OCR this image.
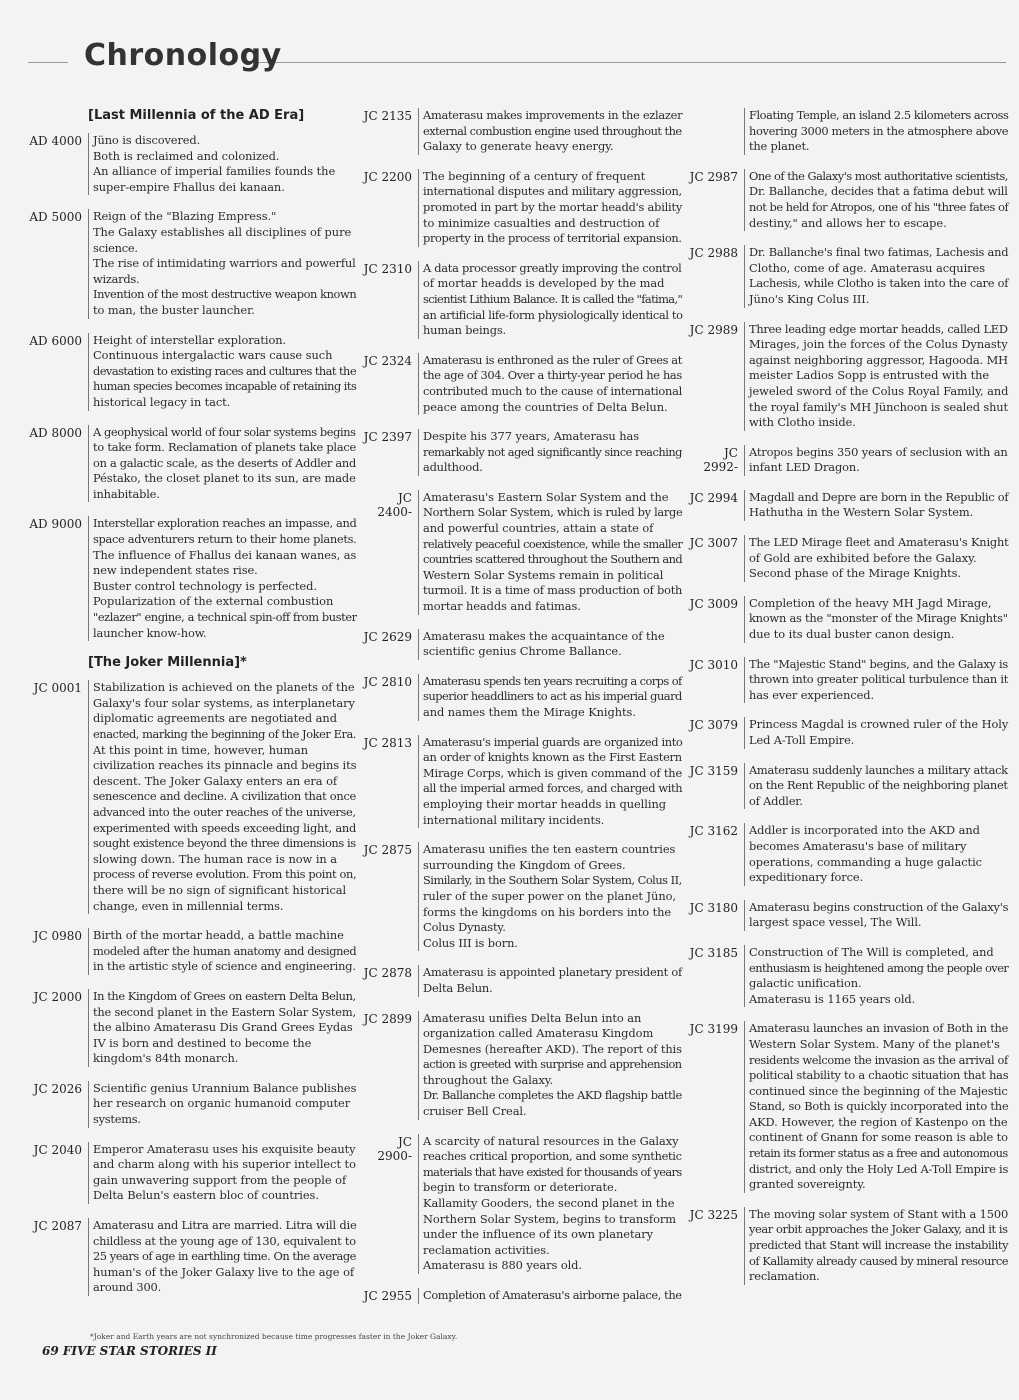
Chronology
[Last Millennia of the AD Era]
AD 4000 Jüno is discovered.
Both is reclaimed and colonized.
An alliance of imperial families founds the
super-empire Fhallus dei kanaan.
AD 5000 Reign of the "Blazing Empress."
The Galaxy establishes all disciplines of pure
science.
The rise of intimidating warriors and powerful
wizards.
Invention of the most destructive weapon known
to man, the buster launcher.
AD 6000 Height of interstellar exploration.
Continuous intergalactic wars cause such
devastation to existing races and cultures that the
human species becomes incapable of retaining its
historical legacy in tact.
AD 8000 A geophysical world of four solar systems begins
to take form. Reclamation of planets take place
on a galactic scale, as the deserts of Addler and
Péstako, the closet planet to its sun, are made
inhabitable.
AD 9000 Interstellar exploration reaches an impasse, and
space adventurers return to their home planets.
The influence of Fhallus dei kanaan wanes, as
new independent states rise.
Buster control technology is perfected.
Popularization of the external combustion
"ezlazer" engine, a technical spin-off from buster
launcher know-how.
[The Joker Millennia]*
JC 0001 Stabilization is achieved on the planets of the
Galaxy's four solar systems, as interplanetary
diplomatic agreements are negotiated and
enacted, marking the beginning of the Joker Era.
At this point in time, however, human
civilization reaches its pinnacle and begins its
descent. The Joker Galaxy enters an era of
senescence and decline. A civilization that once
advanced into the outer reaches of the universe,
experimented with speeds exceeding light, and
sought existence beyond the three dimensions is
slowing down. The human race is now in a
process of reverse evolution. From this point on,
there will be no sign of significant historical
change, even in millennial terms.
JC 0980 Birth of the mortar headd, a battle machine
modeled after the human anatomy and designed
in the artistic style of science and engineering.
JC 2000 In the Kingdom of Grees on eastern Delta Belun,
the second planet in the Eastern Solar System,
the albino Amaterasu Dis Grand Grees Eydas
IV is born and destined to become the
kingdom's 84th monarch.
JC 2026 Scientific genius Urannium Balance publishes
her research on organic humanoid computer
systems.
JC 2040 Emperor Amaterasu uses his exquisite beauty
and charm along with his superior intellect to
gain unwavering support from the people of
Delta Belun's eastern bloc of countries.
JC 2087 Amaterasu and Litra are married. Litra will die
childless at the young age of 130, equivalent to
25 years of age in earthling time. On the average
human's of the Joker Galaxy live to the age of
around 300.
JC 2135 Amaterasu makes improvements in the ezlazer
external combustion engine used throughout the
Galaxy to generate heavy energy.
JC 2200 The beginning of a century of frequent
international disputes and military aggression,
promoted in part by the mortar headd's ability
to minimize casualties and destruction of
property in the process of territorial expansion.
JC 2310 A data processor greatly improving the control
of mortar headds is developed by the mad
scientist Lithium Balance. It is called the "fatima,"
an artificial life-form physiologically identical to
human beings.
JC 2324 Amaterasu is enthroned as the ruler of Grees at
the age of 304. Over a thirty-year period he has
contributed much to the cause of international
peace among the countries of Delta Belun.
JC 2397 Despite his 377 years, Amaterasu has
remarkably not aged significantly since reaching
adulthood.
JC 2400-
Amaterasu's Eastern Solar System and the
Northern Solar System, which is ruled by large
and powerful countries, attain a state of
relatively peaceful coexistence, while the smaller
countries scattered throughout the Southern and
Western Solar Systems remain in political
turmoil. It is a time of mass production of both
mortar headds and fatimas.
JC 2629 Amaterasu makes the acquaintance of the
scientific genius Chrome Ballance.
JC 2810 Amaterasu spends ten years recruiting a corps of
superior headdliners to act as his imperial guard
and names them the Mirage Knights.
JC 2813 Amaterasu's imperial guards are organized into
an order of knights known as the First Eastern
Mirage Corps, which is given command of the
all the imperial armed forces, and charged with
employing their mortar headds in quelling
international military incidents.
JC 2875 Amaterasu unifies the ten eastern countries
surrounding the Kingdom of Grees.
Similarly, in the Southern Solar System, Colus II,
ruler of the super power on the planet Jüno,
forms the kingdoms on his borders into the
Colus Dynasty.
Colus III is born.
JC 2878 Amaterasu is appointed planetary president of
Delta Belun.
JC 2899 Amaterasu unifies Delta Belun into an
organization called Amaterasu Kingdom
Demesnes (hereafter AKD). The report of this
action is greeted with surprise and apprehension
throughout the Galaxy.
Dr. Ballanche completes the AKD flagship battle
cruiser Bell Creal.
JC 2900-
A scarcity of natural resources in the Galaxy
reaches critical proportion, and some synthetic
materials that have existed for thousands of years
begin to transform or deteriorate.
Kallamity Gooders, the second planet in the
Northern Solar System, begins to transform
under the influence of its own planetary
reclamation activities.
Amaterasu is 880 years old.
JC 2955 Completion of Amaterasu's airborne palace, the
Floating Temple, an island 2.5 kilometers across
hovering 3000 meters in the atmosphere above
the planet.
JC 2987 One of the Galaxy's most authoritative scientists,
Dr. Ballanche, decides that a fatima debut will
not be held for Atropos, one of his "three fates of
destiny," and allows her to escape.
JC 2988 Dr. Ballanche's final two fatimas, Lachesis and
Clotho, come of age. Amaterasu acquires
Lachesis, while Clotho is taken into the care of
Jüno's King Colus III.
JC 2989 Three leading edge mortar headds, called LED
Mirages, join the forces of the Colus Dynasty
against neighboring aggressor, Hagooda. MH
meister Ladios Sopp is entrusted with the
jeweled sword of the Colus Royal Family, and
the royal family's MH Jünchoon is sealed shut
with Clotho inside.
JC 2992-
Atropos begins 350 years of seclusion with an
infant LED Dragon.
JC 2994 Magdall and Depre are born in the Republic of
Hathutha in the Western Solar System.
JC 3007 The LED Mirage fleet and Amaterasu's Knight
of Gold are exhibited before the Galaxy.
Second phase of the Mirage Knights.
JC 3009 Completion of the heavy MH Jagd Mirage,
known as the "monster of the Mirage Knights"
due to its dual buster canon design.
JC 3010 The "Majestic Stand" begins, and the Galaxy is
thrown into greater political turbulence than it
has ever experienced.
JC 3079 Princess Magdal is crowned ruler of the Holy
Led A-Toll Empire.
JC 3159 Amaterasu suddenly launches a military attack
on the Rent Republic of the neighboring planet
of Addler.
JC 3162 Addler is incorporated into the AKD and
becomes Amaterasu's base of military
operations, commanding a huge galactic
expeditionary force.
JC 3180 Amaterasu begins construction of the Galaxy's
largest space vessel, The Will.
JC 3185 Construction of The Will is completed, and
enthusiasm is heightened among the people over
galactic unification.
Amaterasu is 1165 years old.
JC 3199 Amaterasu launches an invasion of Both in the
Western Solar System. Many of the planet's
residents welcome the invasion as the arrival of
political stability to a chaotic situation that has
continued since the beginning of the Majestic
Stand, so Both is quickly incorporated into the
AKD. However, the region of Kastenpo on the
continent of Gnann for some reason is able to
retain its former status as a free and autonomous
district, and only the Holy Led A-Toll Empire is
granted sovereignty.
JC 3225 The moving solar system of Stant with a 1500
year orbit approaches the Joker Galaxy, and it is
predicted that Stant will increase the instability
of Kallamity already caused by mineral resource
reclamation.
*Joker and Earth years are not synchronized because time progresses faster in the Joker Galaxy.
69 FIVE STAR STORIES II
